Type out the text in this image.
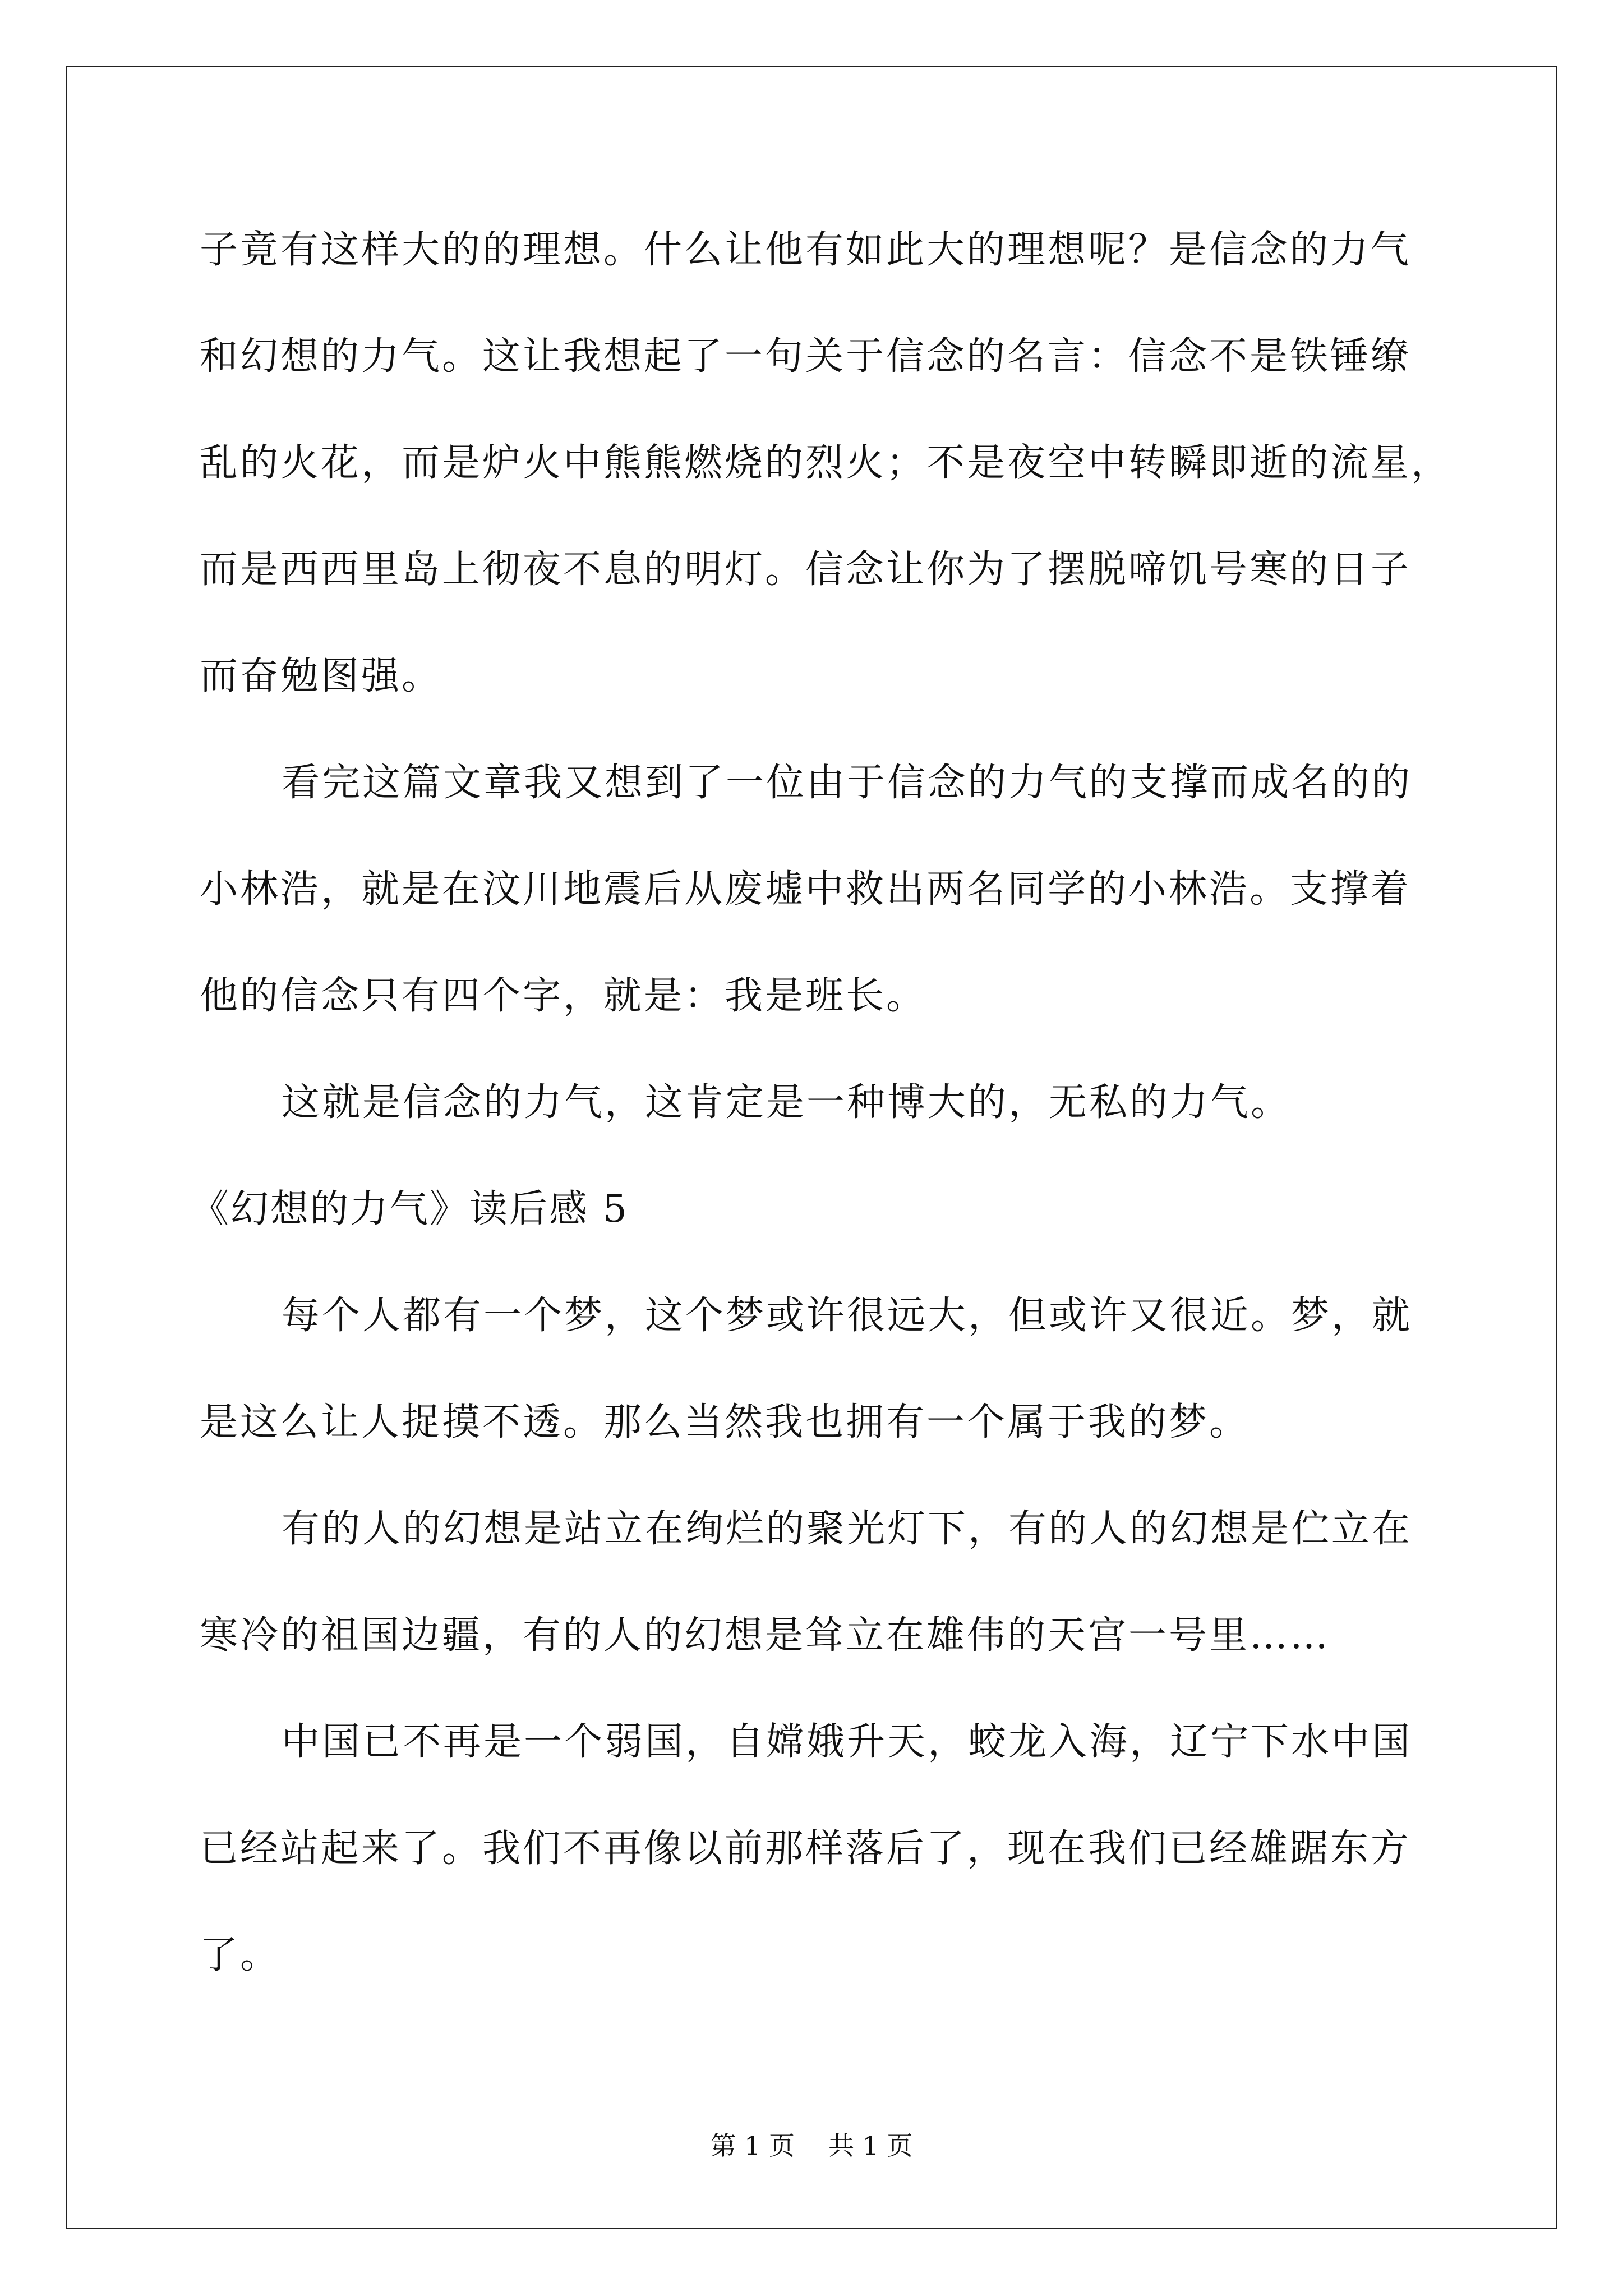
子竟有这样大的的理想。什么让他有如此大的理想呢？是信念的力气
和幻想的力气。这让我想起了一句关于信念的名言：信念不是铁锤缭
乱的火花，而是炉火中熊熊燃烧的烈火；不是夜空中转瞬即逝的流星，
而是西西里岛上彻夜不息的明灯。信念让你为了摆脱啼饥号寒的日子
而奋勉图强。
看完这篇文章我又想到了一位由于信念的力气的支撑而成名的的
小林浩，就是在汶川地震后从废墟中救出两名同学的小林浩。支撑着
他的信念只有四个字，就是：我是班长。
这就是信念的力气，这肯定是一种博大的，无私的力气。
《幻想的力气》读后感 5
每个人都有一个梦，这个梦或许很远大，但或许又很近。梦，就
是这么让人捉摸不透。那么当然我也拥有一个属于我的梦。
有的人的幻想是站立在绚烂的聚光灯下，有的人的幻想是伫立在
寒冷的祖国边疆，有的人的幻想是耸立在雄伟的天宫一号里……
中国已不再是一个弱国，自嫦娥升天，蛟龙入海，辽宁下水中国
已经站起来了。我们不再像以前那样落后了，现在我们已经雄踞东方
了。
第 1 页 共 1 页
